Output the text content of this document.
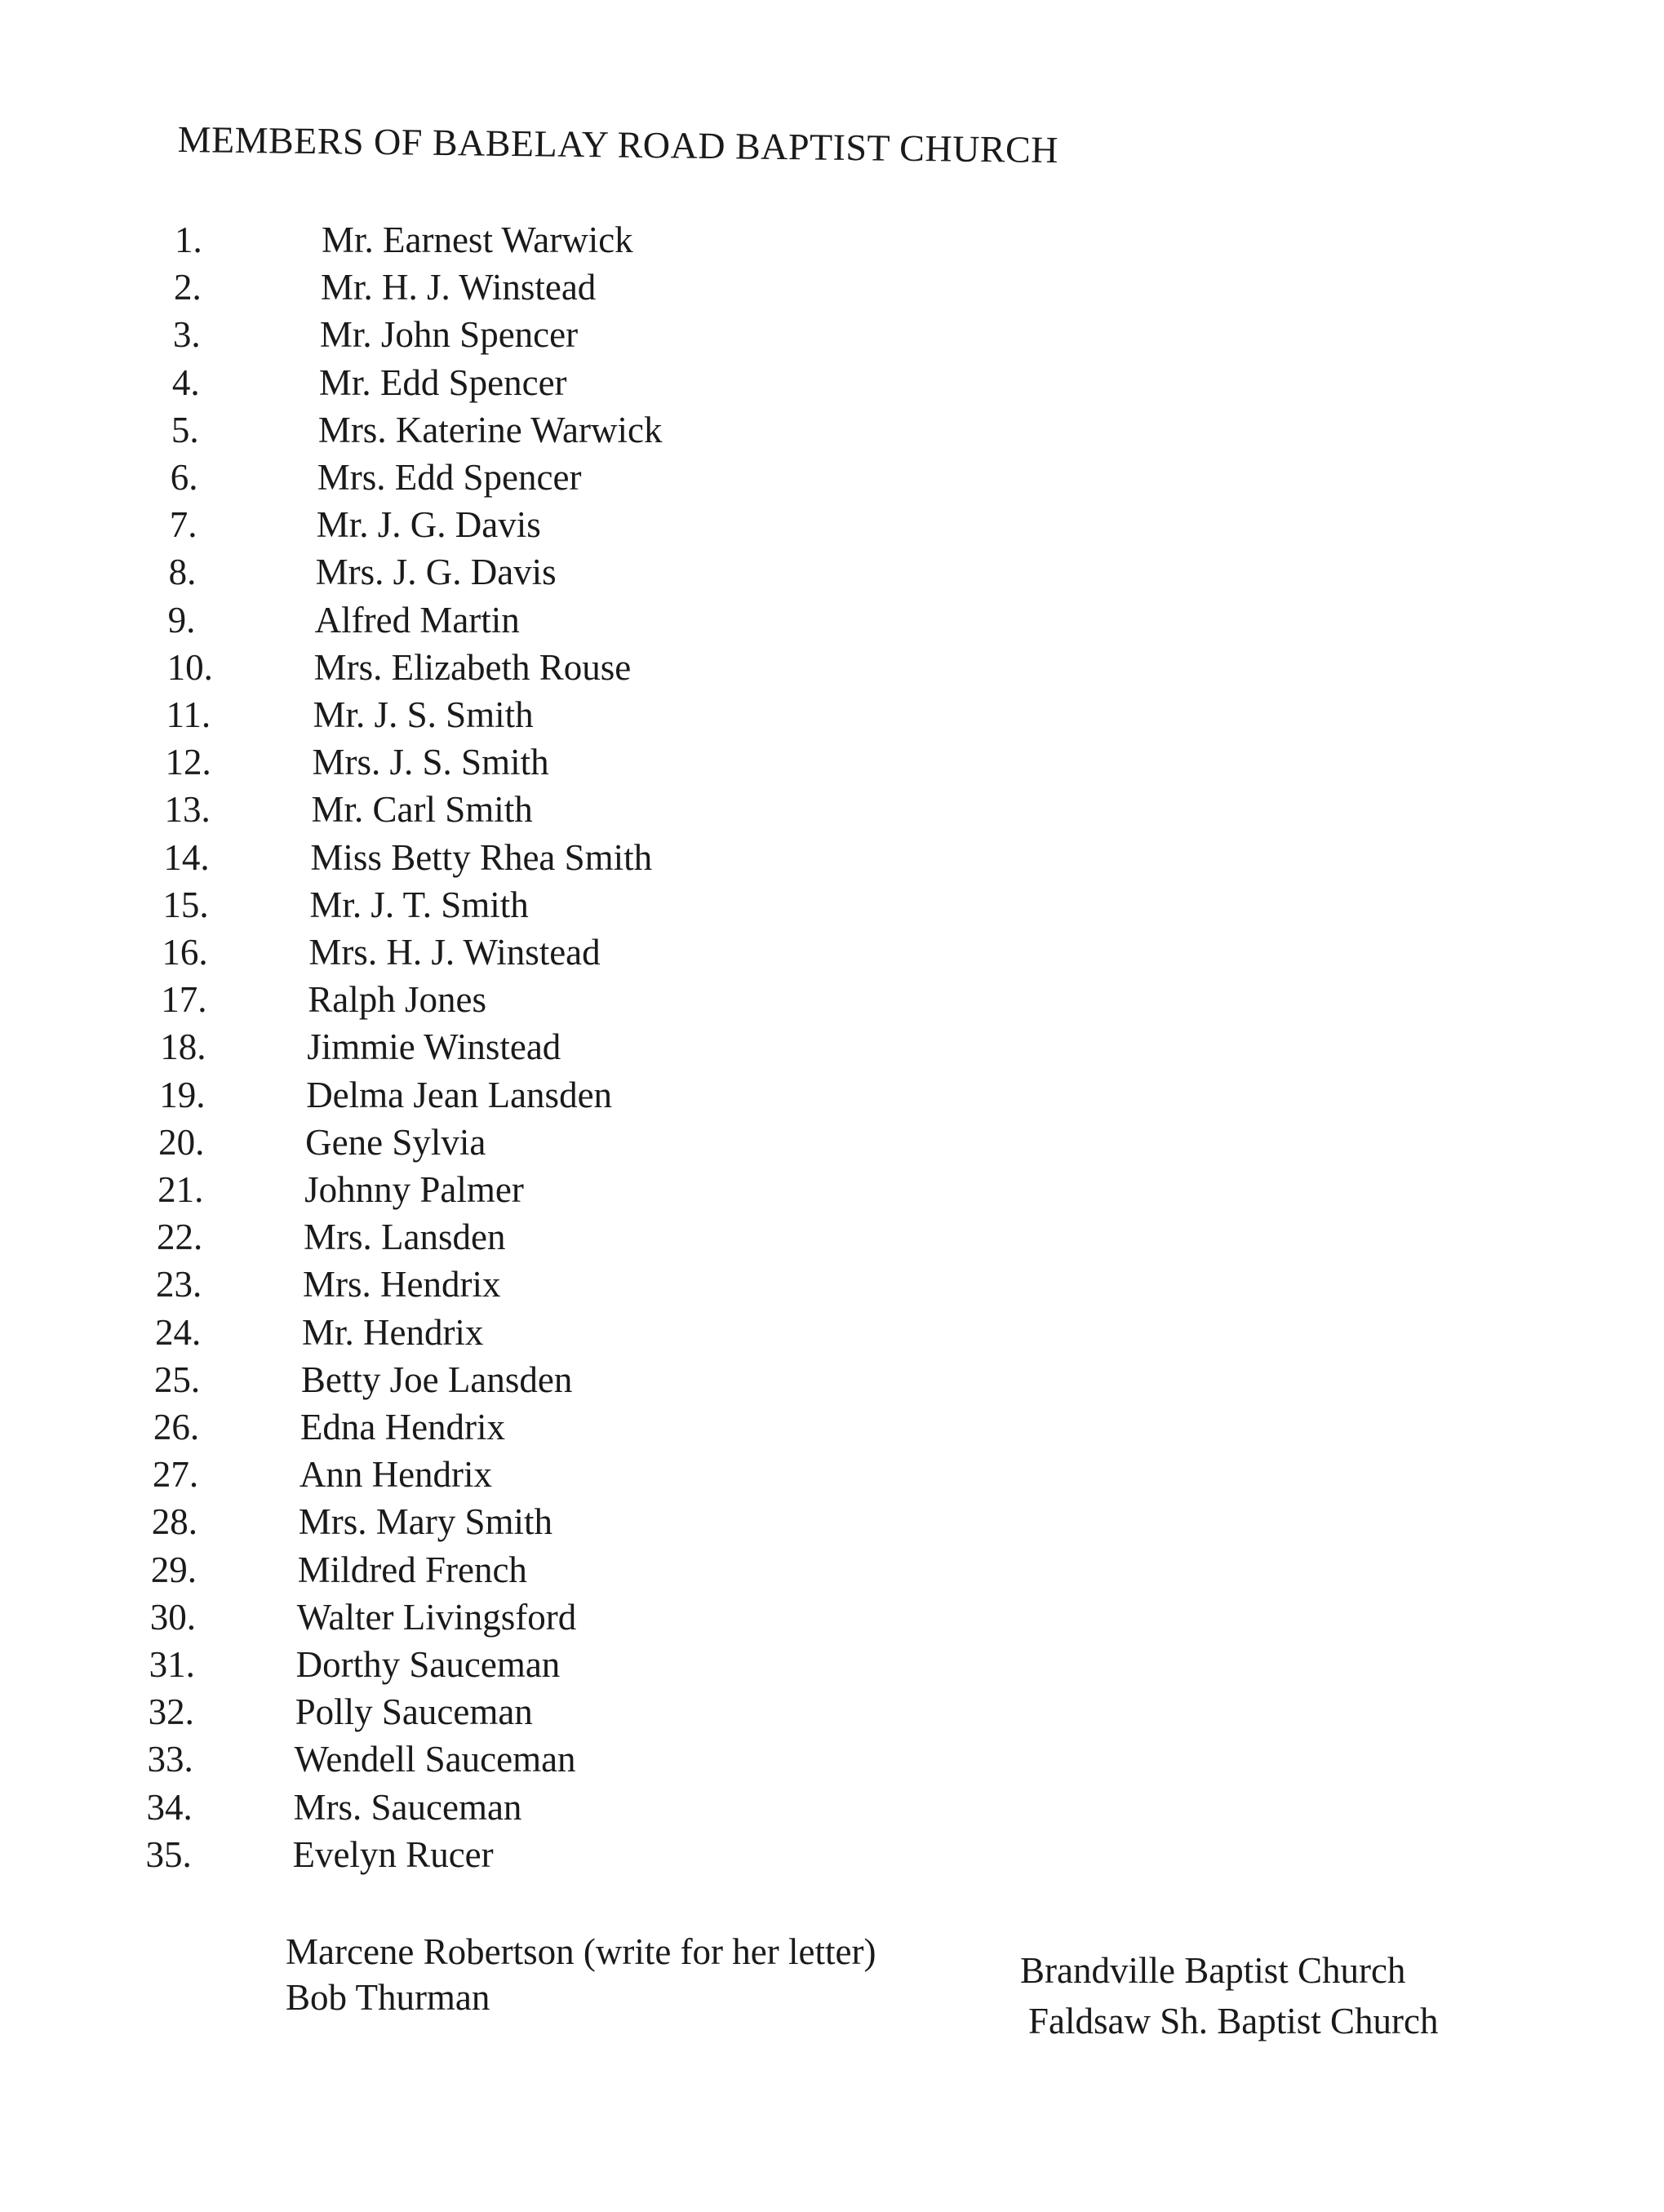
MEMBERS OF BABELAY ROAD BAPTIST CHURCH
1.	Mr. Earnest Warwick
2.	Mr. H. J. Winstead
3.	Mr. John Spencer
4.	Mr. Edd Spencer
5.	Mrs. Katerine Warwick
6.	Mrs. Edd Spencer
7.	Mr. J. G. Davis
8.	Mrs. J. G. Davis
9.	Alfred Martin
10.	Mrs. Elizabeth Rouse
11.	Mr. J. S. Smith
12.	Mrs. J. S. Smith
13.	Mr. Carl Smith
14.	Miss Betty Rhea Smith
15.	Mr. J. T. Smith
16.	Mrs. H. J. Winstead
17.	Ralph Jones
18.	Jimmie Winstead
19.	Delma Jean Lansden
20.	Gene Sylvia
21.	Johnny Palmer
22.	Mrs. Lansden
23.	Mrs. Hendrix
24.	Mr. Hendrix
25.	Betty Joe Lansden
26.	Edna Hendrix
27.	Ann Hendrix
28.	Mrs. Mary Smith
29.	Mildred French
30.	Walter Livingsford
31.	Dorthy Sauceman
32.	Polly Sauceman
33.	Wendell Sauceman
34.	Mrs. Sauceman
35.	Evelyn Rucer
Marcene Robertson (write for her letter)
Bob Thurman
Brandville Baptist Church
Faldsaw Sh. Baptist Church
